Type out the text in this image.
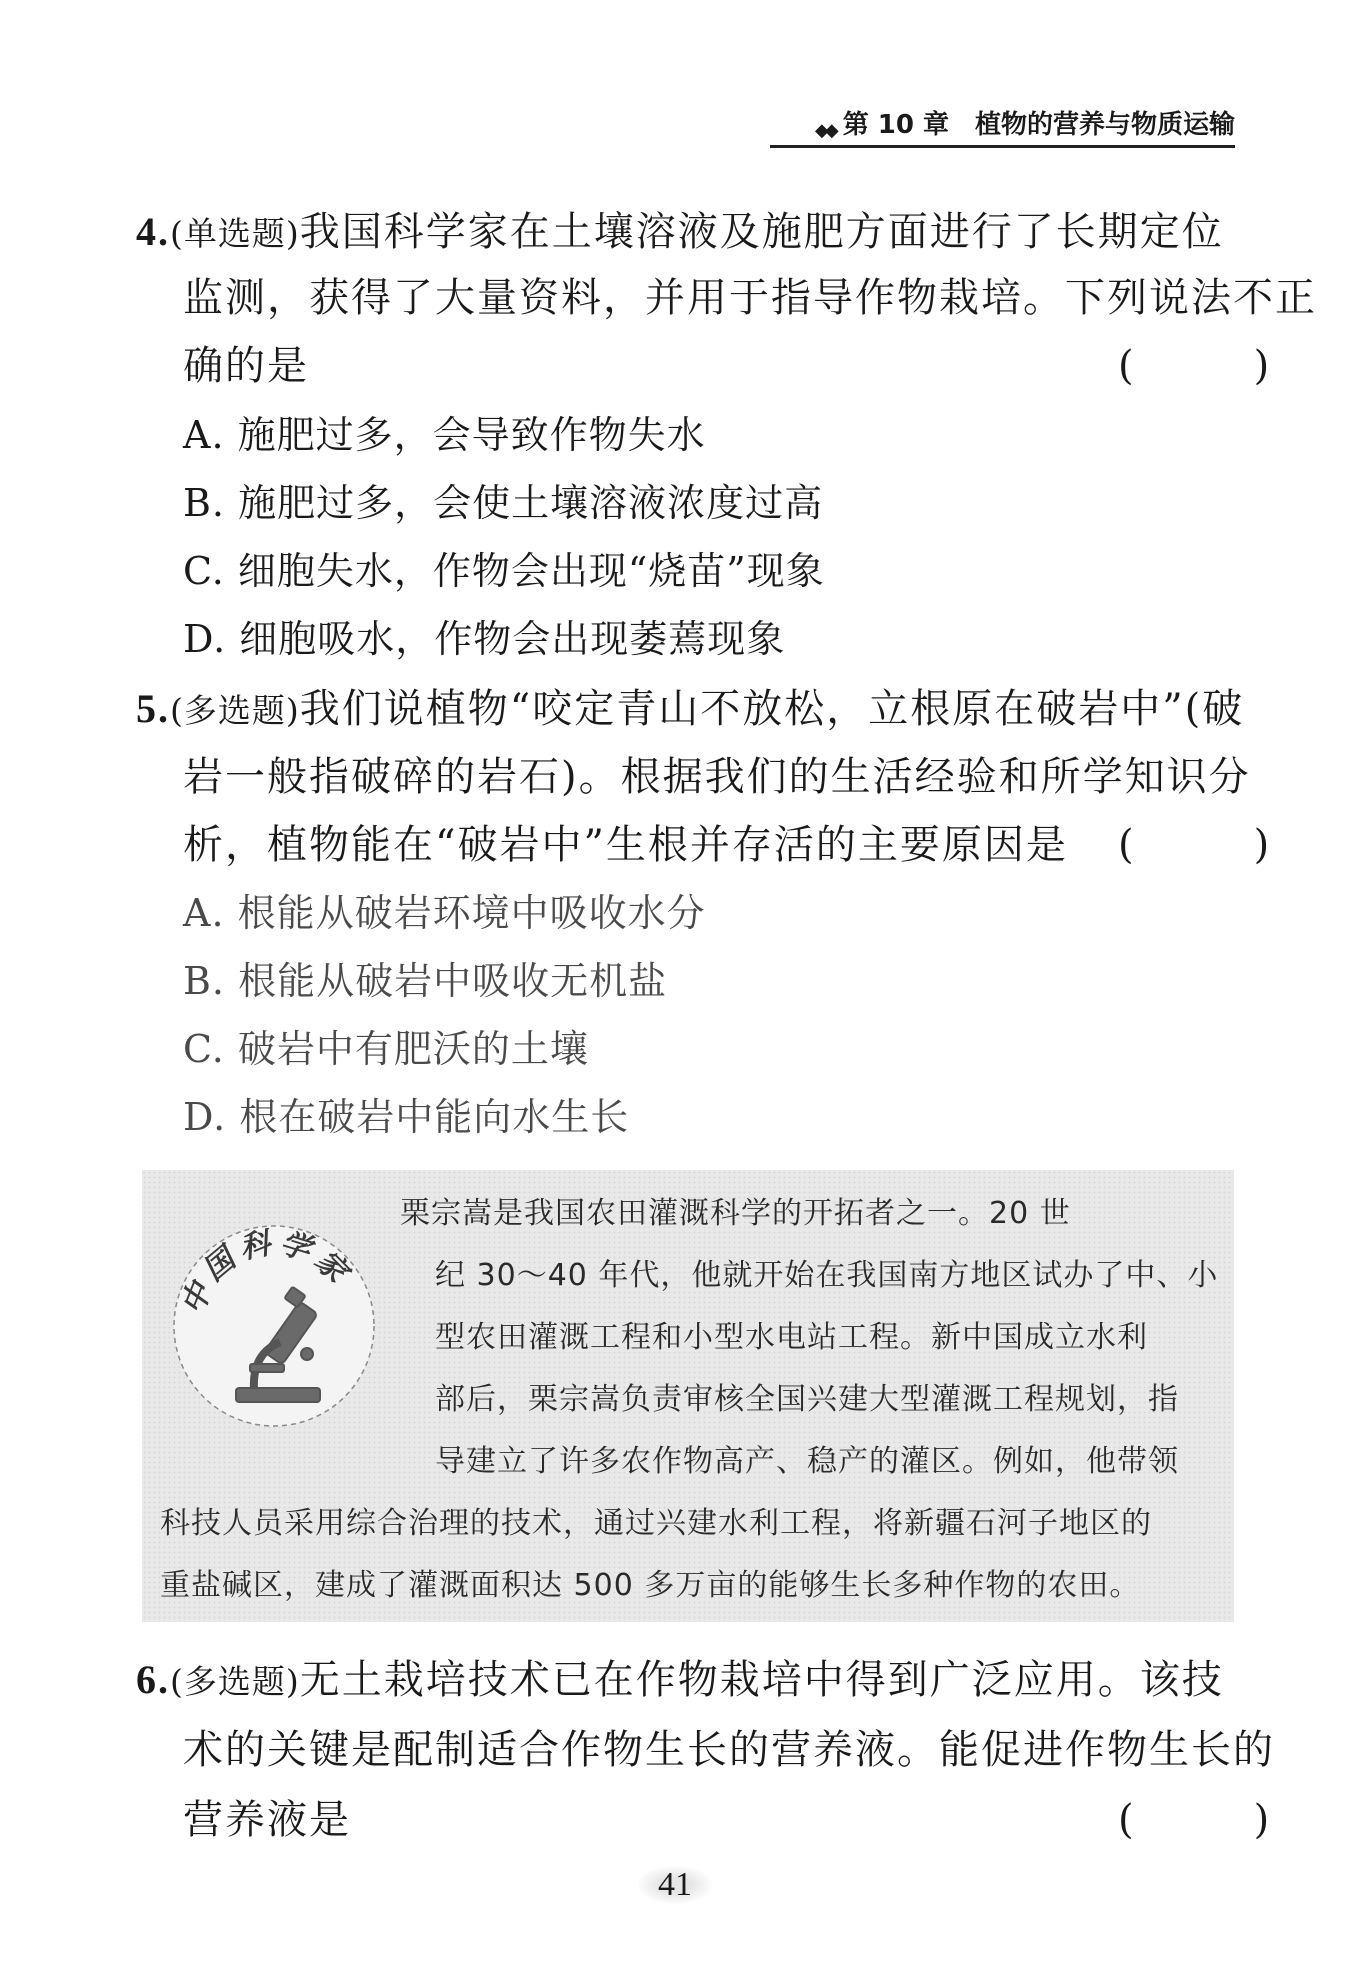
◆◆ 第 10 章 植物的营养与物质运输
4.(单选题)我国科学家在土壤溶液及施肥方面进行了长期定位
监测，获得了大量资料，并用于指导作物栽培。下列说法不正
确的是	(　　　)
A. 施肥过多，会导致作物失水
B. 施肥过多，会使土壤溶液浓度过高
C. 细胞失水，作物会出现“烧苗”现象
D. 细胞吸水，作物会出现萎蔫现象
5.(多选题)我们说植物“咬定青山不放松，立根原在破岩中”(破
岩一般指破碎的岩石)。根据我们的生活经验和所学知识分
析，植物能在“破岩中”生根并存活的主要原因是 (　　　)
A. 根能从破岩环境中吸收水分
B. 根能从破岩中吸收无机盐
C. 破岩中有肥沃的土壤
D. 根在破岩中能向水生长
中国科学家
栗宗嵩是我国农田灌溉科学的开拓者之一。20 世
纪 30～40 年代，他就开始在我国南方地区试办了中、小
型农田灌溉工程和小型水电站工程。新中国成立水利
部后，栗宗嵩负责审核全国兴建大型灌溉工程规划，指
导建立了许多农作物高产、稳产的灌区。例如，他带领
科技人员采用综合治理的技术，通过兴建水利工程，将新疆石河子地区的
重盐碱区，建成了灌溉面积达 500 多万亩的能够生长多种作物的农田。
6.(多选题)无土栽培技术已在作物栽培中得到广泛应用。该技
术的关键是配制适合作物生长的营养液。能促进作物生长的
营养液是	(　　　)
41
